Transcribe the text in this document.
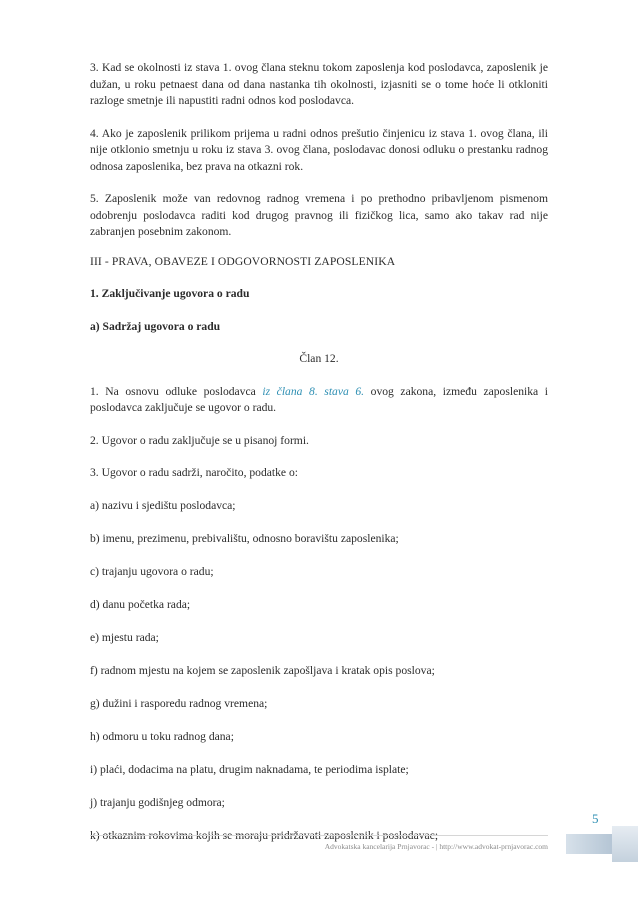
3. Kad se okolnosti iz stava 1. ovog člana steknu tokom zaposlenja kod poslodavca, zaposlenik je dužan, u roku petnaest dana od dana nastanka tih okolnosti, izjasniti se o tome hoće li otkloniti razloge smetnje ili napustiti radni odnos kod poslodavca.

4. Ako je zaposlenik prilikom prijema u radni odnos prešutio činjenicu iz stava 1. ovog člana, ili nije otklonio smetnju u roku iz stava 3. ovog člana, poslodavac donosi odluku o prestanku radnog odnosa zaposlenika, bez prava na otkazni rok.

5. Zaposlenik može van redovnog radnog vremena i po prethodno pribavljenom pismenom odobrenju poslodavca raditi kod drugog pravnog ili fizičkog lica, samo ako takav rad nije zabranjen posebnim zakonom.

III - PRAVA, OBAVEZE I ODGOVORNOSTI ZAPOSLENIKA

1. Zaključivanje ugovora o radu

a) Sadržaj ugovora o radu

Član 12.

1. Na osnovu odluke poslodavca iz člana 8. stava 6. ovog zakona, između zaposlenika i poslodavca zaključuje se ugovor o radu.

2. Ugovor o radu zaključuje se u pisanoj formi.

3. Ugovor o radu sadrži, naročito, podatke o:

a) nazivu i sjedištu poslodavca;

b) imenu, prezimenu, prebivalištu, odnosno boravištu zaposlenika;

c) trajanju ugovora o radu;

d) danu početka rada;

e) mjestu rada;

f) radnom mjestu na kojem se zaposlenik zapošljava i kratak opis poslova;

g) dužini i rasporedu radnog vremena;

h) odmoru u toku radnog dana;

i) plaći, dodacima na platu, drugim naknadama, te periodima isplate;

j) trajanju godišnjeg odmora;

k) otkaznim rokovima kojih se moraju pridržavati zaposlenik i poslodavac;

5
Advokatska kancelarija Prnjavorac - | http://www.advokat-prnjavorac.com
